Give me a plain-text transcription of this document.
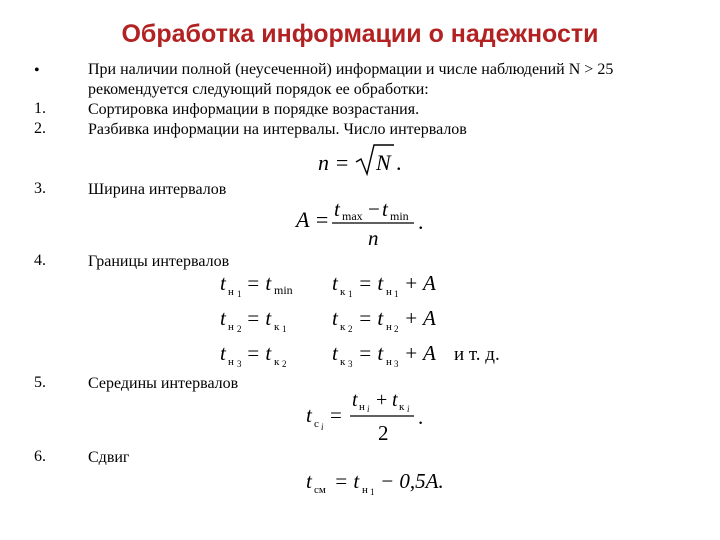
Обработка информации о надежности
•	При наличии полной (неусеченной) информации и числе наблюдений N > 25
рекомендуется следующий порядок ее обработки:
1.	Сортировка информации в порядке возрастания.
2.	Разбивка информации на интервалы. Число интервалов
n = N .
3.	Ширина интервалов
A = t max − t min
n
.
4.	Границы интервалов
t н 1 = t min t к 1 = t н 1 + A
t н 2 = t к 1 t к 2 = t н 2 + A
t н 3 = t к 2 t к 3 = t н 3 + A и т. д.
5.	Середины интервалов
t c i =
t н i + t к i
2
.
6.	Сдвиг
t см = t н 1 − 0,5A.
